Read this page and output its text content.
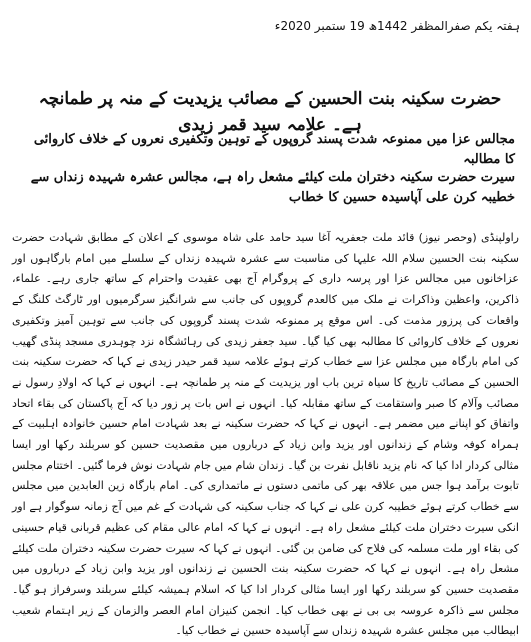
ہفتہ یکم صفرالمظفر 1442ھ 19 ستمبر 2020ء
حضرت سکینہ بنت الحسین کے مصائب یزیدیت کے منہ پر طمانچہ ہے۔ علامہ سید قمر زیدی
مجالس عزا میں ممنوعہ شدت پسند گروپوں کے توہین وتکفیری نعروں کے خلاف کاروائی کا مطالبہ
سیرت حضرت سکینہ دختران ملت کیلئے مشعل راہ ہے، مجالس عشرہ شہیدہ زنداں سے خطیبہ کرن علی آپاسیدہ حسین کا خطاب
راولپنڈی (وحصر نیوز) قائد ملت جعفریہ آغا سید حامد علی شاہ موسوی کے اعلان کے مطابق شہادت حضرت سکینہ بنت الحسین سلام اللہ علیہا کی مناسبت سے عشرہ شہیدہ زنداں کے سلسلے میں امام بارگاہوں اور عزاخانوں میں مجالس عزا اور پرسہ داری کے پروگرام آج بھی عقیدت واحترام کے ساتھ جاری رہے۔ علماء، ذاکرین، واعظین وذاکرات نے ملک میں کالعدم گروپوں کی جانب سے شرانگیز سرگرمیوں اور ٹارگٹ کلنگ کے واقعات کی پرزور مذمت کی۔ اس موقع پر ممنوعہ شدت پسند گروپوں کی جانب سے توہین آمیز وتکفیری نعروں کے خلاف کاروائی کا مطالبہ بھی کیا گیا۔ سید جعفر زیدی کی رہائشگاہ نزد چوہدری مسجد پنڈی گھیب کی امام بارگاہ میں مجلس عزا سے خطاب کرتے ہوئے علامہ سید قمر حیدر زیدی نے کہا کہ حضرت سکینہ بنت الحسین کے مصائب تاریخ کا سیاہ ترین باب اور یزیدیت کے منہ پر طمانچہ ہے۔ انہوں نے کہا کہ اولادِ رسول نے مصائب وآلام کا صبر واستقامت کے ساتھ مقابلہ کیا۔ انہوں نے اس بات پر زور دیا کہ آج پاکستان کی بقاء اتحاد واتفاق کو اپنانے میں مضمر ہے۔ انہوں نے کہا کہ حضرت سکینہ نے بعد شہادت امام حسین خانوادہ اہلبیت کے ہمراہ کوفہ وشام کے زندانوں اور یزید وابن زیاد کے درباروں میں مقصدیت حسین کو سربلند رکھا اور ایسا مثالی کردار ادا کیا کہ نام یزید ناقابل نفرت بن گیا۔ زندان شام میں جام شہادت نوش فرما گئیں۔ اختتام مجلس تابوت برآمد ہوا جس میں علاقہ بھر کی ماتمی دستوں نے ماتمداری کی۔ امام بارگاہ زین العابدین میں مجلس سے خطاب کرتے ہوئے خطیبہ کرن علی نے کہا کہ جناب سکینہ کی شہادت کے غم میں آج زمانہ سوگوار ہے اور انکی سیرت دختران ملت کیلئے مشعل راہ ہے۔ انہوں نے کہا کہ امام عالی مقام کی عظیم قربانی قیام حسینی کی بقاء اور ملت مسلمہ کی فلاح کی ضامن بن گئی۔ انہوں نے کہا کہ سیرت حضرت سکینہ دختران ملت کیلئے مشعل راہ ہے۔ انہوں نے کہا کہ حضرت سکینہ بنت الحسین نے زندانوں اور یزید وابن زیاد کے درباروں میں مقصدیت حسین کو سربلند رکھا اور ایسا مثالی کردار ادا کیا کہ اسلام ہمیشہ کیلئے سربلند وسرفراز ہو گیا۔ مجلس سے ذاکرہ عروسہ بی بی نے بھی خطاب کیا۔ انجمن کنیزان امام العصر والزمان کے زیر اہتمام شعیب ابیطالب میں مجلس عشرہ شہیدہ زنداں سے آپاسیدہ حسین نے خطاب کیا۔
